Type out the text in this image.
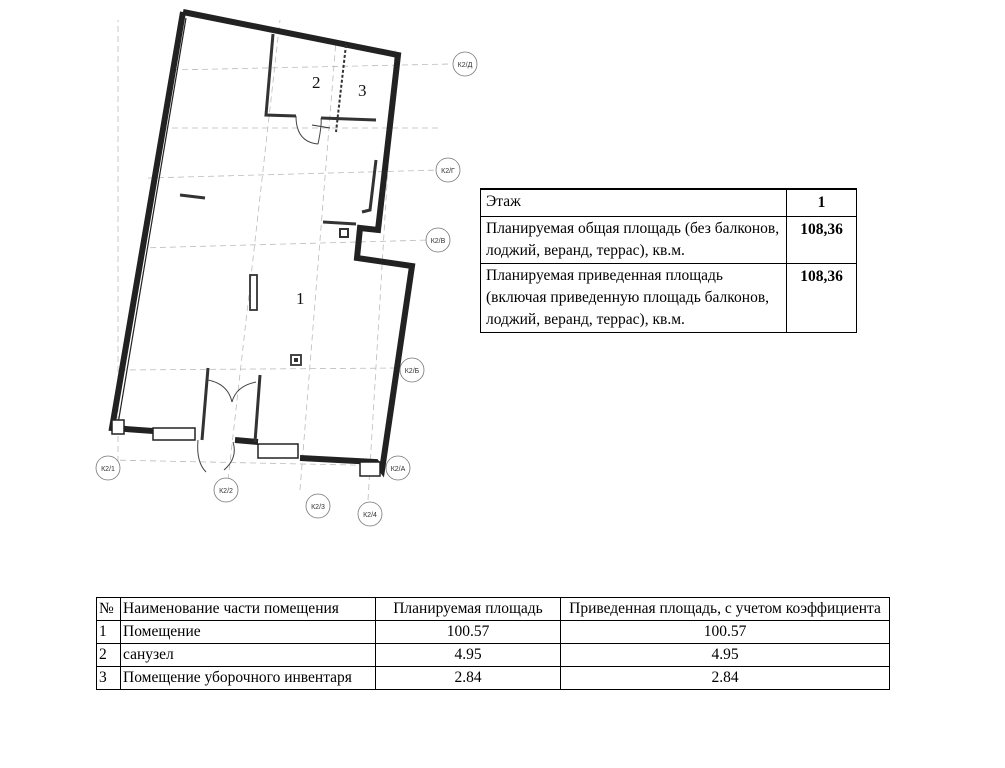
1
2 3
К2/Д
К2/Г
К2/В
К2/Б
К2/А
К2/1
К2/2
К2/3
К2/4
Этаж	1
Планируемая общая площадь (без балконов, лоджий, веранд, террас), кв.м.	108,36
Планируемая приведенная площадь (включая приведенную площадь балконов, лоджий, веранд, террас), кв.м.	108,36
№	Наименование части помещения	Планируемая площадь	Приведенная площадь, с учетом коэффициента
1	Помещение	100.57	100.57
2	санузел	4.95	4.95
3	Помещение уборочного инвентаря	2.84	2.84
